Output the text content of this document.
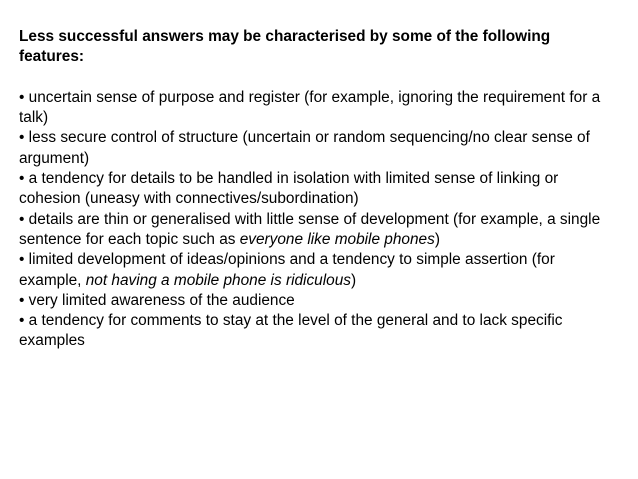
Less successful answers may be characterised by some of the following features:

• uncertain sense of purpose and register (for example, ignoring the requirement for a talk)
• less secure control of structure (uncertain or random sequencing/no clear sense of argument)
• a tendency for details to be handled in isolation with limited sense of linking or cohesion (uneasy with connectives/subordination)
• details are thin or generalised with little sense of development (for example, a single sentence for each topic such as everyone like mobile phones)
• limited development of ideas/opinions and a tendency to simple assertion (for example, not having a mobile phone is ridiculous)
• very limited awareness of the audience
• a tendency for comments to stay at the level of the general and to lack specific examples
